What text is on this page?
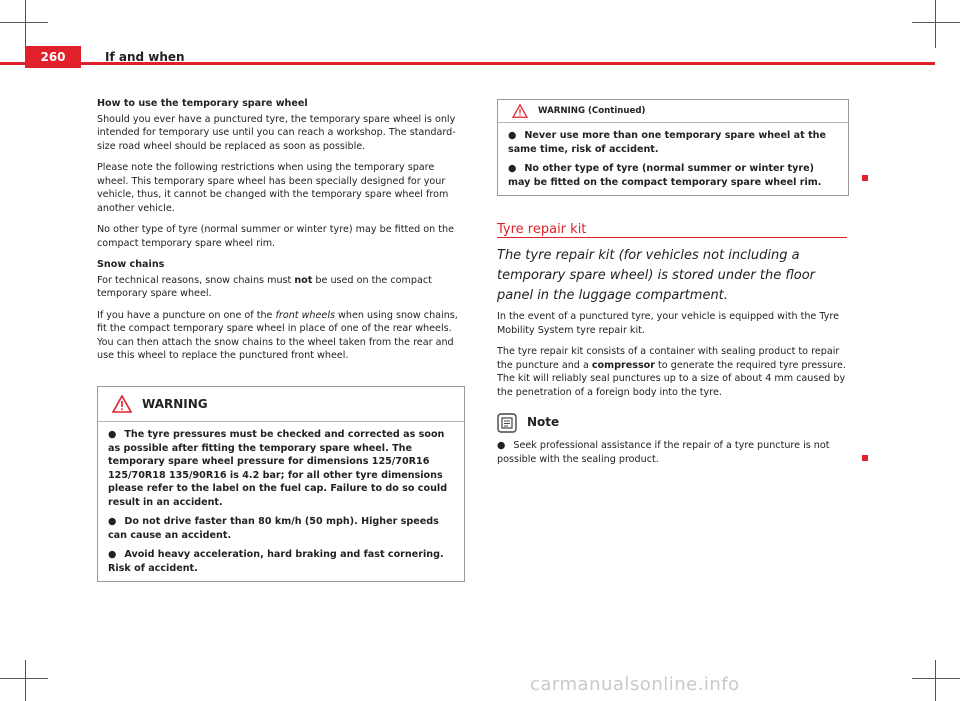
260	If and when

How to use the temporary spare wheel

Should you ever have a punctured tyre, the temporary spare wheel is only intended for temporary use until you can reach a workshop. The standard-size road wheel should be replaced as soon as possible.

Please note the following restrictions when using the temporary spare wheel. This temporary spare wheel has been specially designed for your vehicle, thus, it cannot be changed with the temporary spare wheel from another vehicle.

No other type of tyre (normal summer or winter tyre) may be fitted on the compact temporary spare wheel rim.

Snow chains

For technical reasons, snow chains must not be used on the compact temporary spare wheel.

If you have a puncture on one of the front wheels when using snow chains, fit the compact temporary spare wheel in place of one of the rear wheels. You can then attach the snow chains to the wheel taken from the rear and use this wheel to replace the punctured front wheel.

WARNING

● The tyre pressures must be checked and corrected as soon as possible after fitting the temporary spare wheel. The temporary spare wheel pressure for dimensions 125/70R16 125/70R18 135/90R16 is 4.2 bar; for all other tyre dimensions please refer to the label on the fuel cap. Failure to do so could result in an accident.

● Do not drive faster than 80 km/h (50 mph). Higher speeds can cause an accident.

● Avoid heavy acceleration, hard braking and fast cornering. Risk of accident.

WARNING (Continued)

● Never use more than one temporary spare wheel at the same time, risk of accident.

● No other type of tyre (normal summer or winter tyre) may be fitted on the compact temporary spare wheel rim.

Tyre repair kit
The tyre repair kit (for vehicles not including a temporary spare wheel) is stored under the floor panel in the luggage compartment.

In the event of a punctured tyre, your vehicle is equipped with the Tyre Mobility System tyre repair kit.

The tyre repair kit consists of a container with sealing product to repair the puncture and a compressor to generate the required tyre pressure. The kit will reliably seal punctures up to a size of about 4 mm caused by the penetration of a foreign body into the tyre.

Note

● Seek professional assistance if the repair of a tyre puncture is not possible with the sealing product.

carmanualsonline.info
